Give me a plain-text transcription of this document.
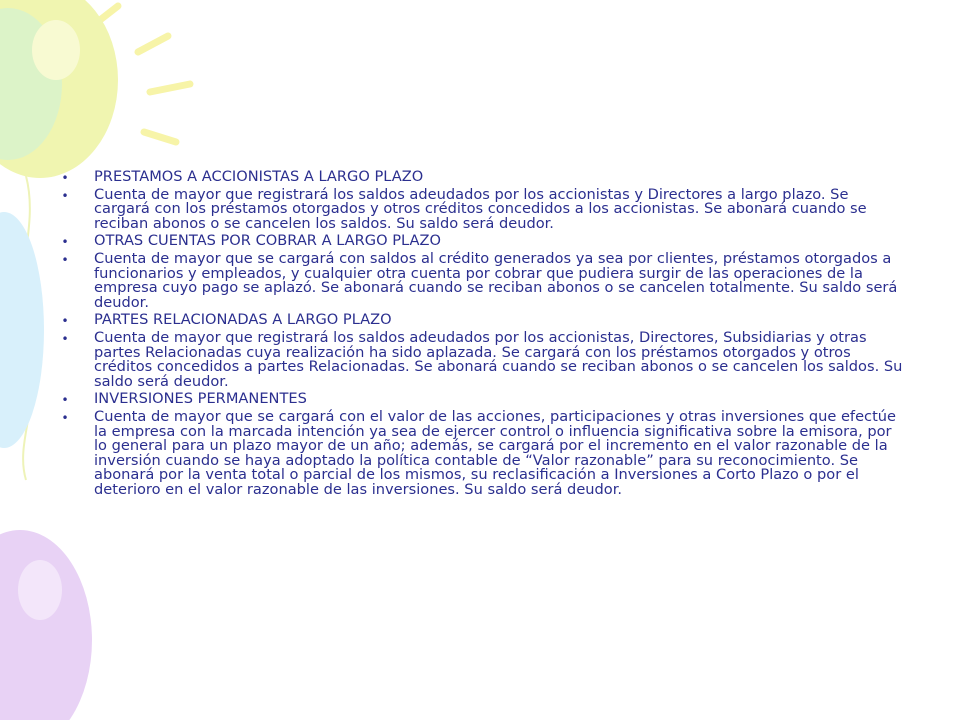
• PRESTAMOS A ACCIONISTAS A LARGO PLAZO
• Cuenta de mayor que registrará los saldos adeudados por los accionistas y Directores a largo plazo. Se cargará con los préstamos otorgados y otros créditos concedidos a los accionistas. Se abonará cuando se reciban abonos o se cancelen los saldos. Su saldo será deudor.
• OTRAS CUENTAS POR COBRAR A LARGO PLAZO
• Cuenta de mayor que se cargará con saldos al crédito generados ya sea por clientes, préstamos otorgados a funcionarios y empleados, y cualquier otra cuenta por cobrar que pudiera surgir de las operaciones de la empresa cuyo pago se aplazó. Se abonará cuando se reciban abonos o se cancelen totalmente. Su saldo será deudor.
• PARTES RELACIONADAS A LARGO PLAZO
• Cuenta de mayor que registrará los saldos adeudados por los accionistas, Directores, Subsidiarias y otras partes Relacionadas cuya realización ha sido aplazada. Se cargará con los préstamos otorgados y otros créditos concedidos a partes Relacionadas. Se abonará cuando se reciban abonos o se cancelen los saldos. Su saldo será deudor.
• INVERSIONES PERMANENTES
• Cuenta de mayor que se cargará con el valor de las acciones, participaciones y otras inversiones que efectúe la empresa con la marcada intención ya sea de ejercer control o influencia significativa sobre la emisora, por lo general para un plazo mayor de un año; además, se cargará por el incremento en el valor razonable de la inversión cuando se haya adoptado la política contable de “Valor razonable” para su reconocimiento. Se abonará por la venta total o parcial de los mismos, su reclasificación a Inversiones a Corto Plazo o por el deterioro en el valor razonable de las inversiones. Su saldo será deudor.
